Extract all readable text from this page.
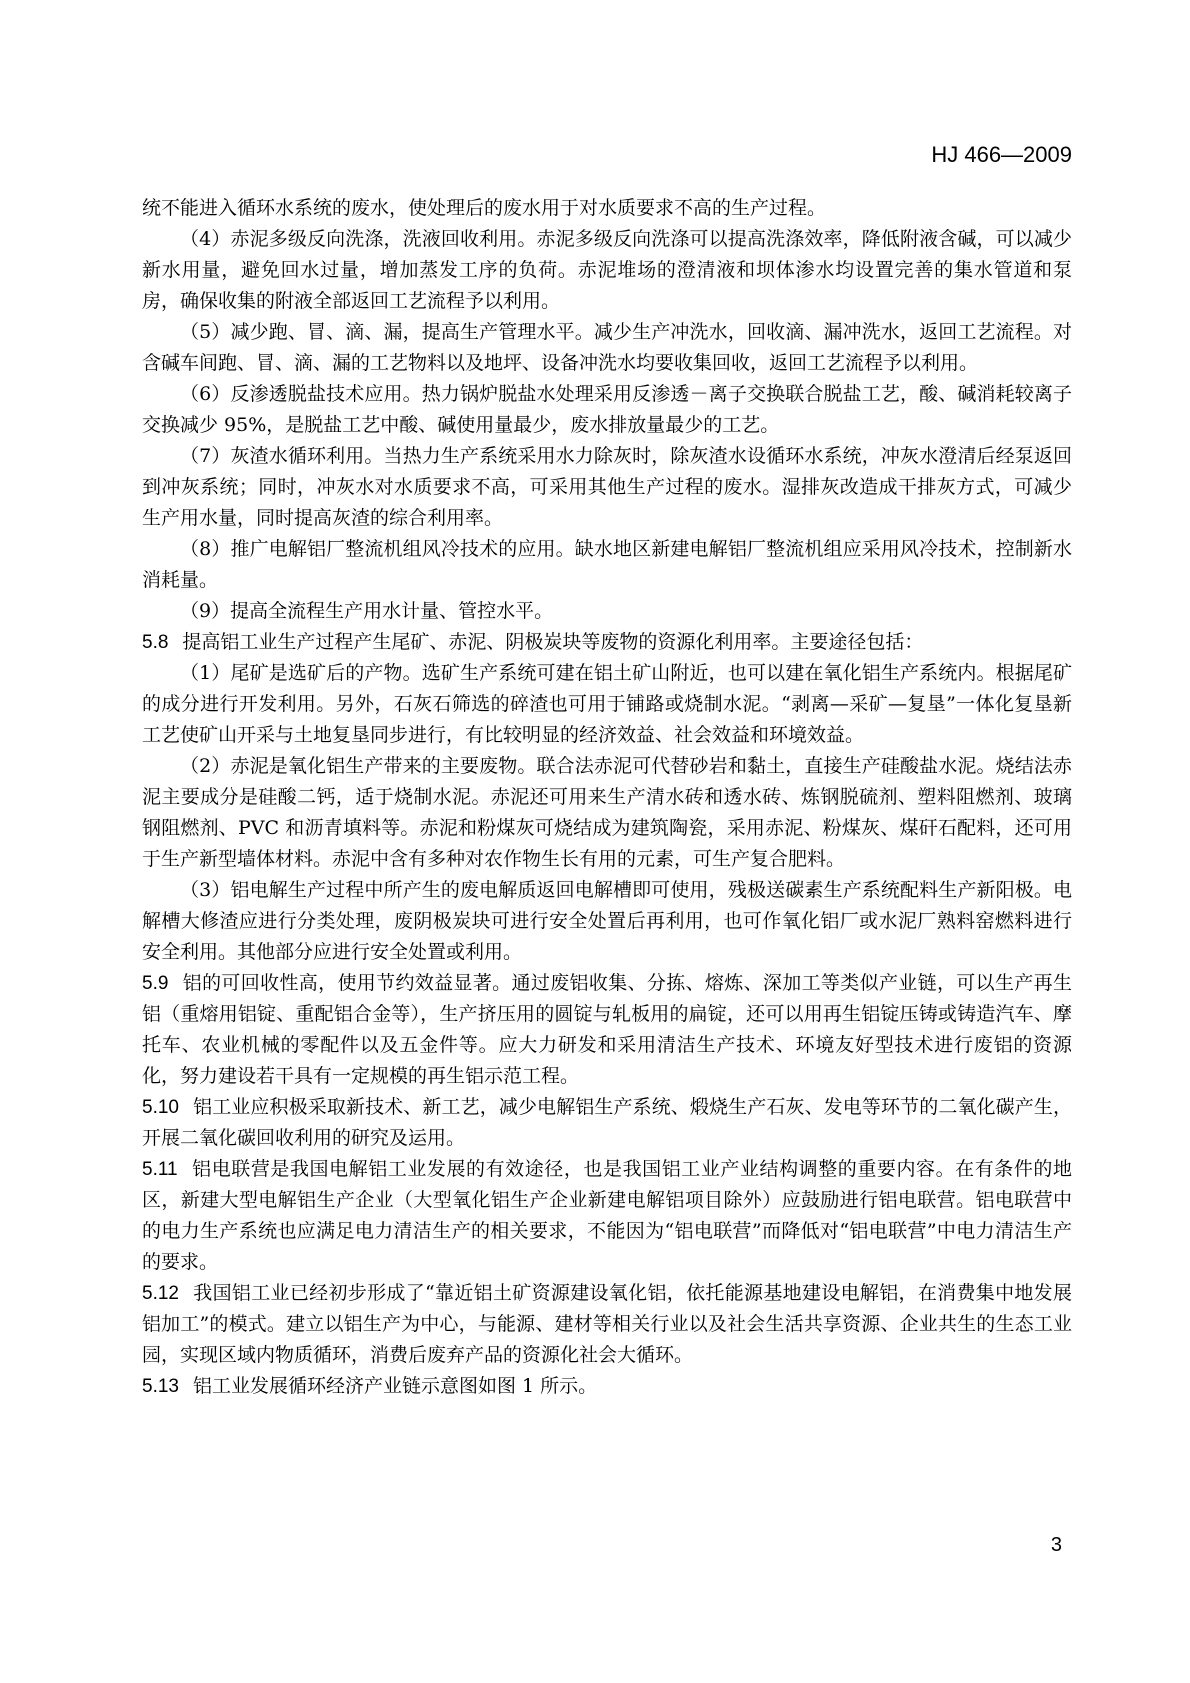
HJ 466—2009

统不能进入循环水系统的废水，使处理后的废水用于对水质要求不高的生产过程。

（4）赤泥多级反向洗涤，洗液回收利用。赤泥多级反向洗涤可以提高洗涤效率，降低附液含碱，可以减少新水用量，避免回水过量，增加蒸发工序的负荷。赤泥堆场的澄清液和坝体渗水均设置完善的集水管道和泵房，确保收集的附液全部返回工艺流程予以利用。

（5）减少跑、冒、滴、漏，提高生产管理水平。减少生产冲洗水，回收滴、漏冲洗水，返回工艺流程。对含碱车间跑、冒、滴、漏的工艺物料以及地坪、设备冲洗水均要收集回收，返回工艺流程予以利用。

（6）反渗透脱盐技术应用。热力锅炉脱盐水处理采用反渗透－离子交换联合脱盐工艺，酸、碱消耗较离子交换减少 95%，是脱盐工艺中酸、碱使用量最少，废水排放量最少的工艺。

（7）灰渣水循环利用。当热力生产系统采用水力除灰时，除灰渣水设循环水系统，冲灰水澄清后经泵返回到冲灰系统；同时，冲灰水对水质要求不高，可采用其他生产过程的废水。湿排灰改造成干排灰方式，可减少生产用水量，同时提高灰渣的综合利用率。

（8）推广电解铝厂整流机组风冷技术的应用。缺水地区新建电解铝厂整流机组应采用风冷技术，控制新水消耗量。

（9）提高全流程生产用水计量、管控水平。

5.8 提高铝工业生产过程产生尾矿、赤泥、阴极炭块等废物的资源化利用率。主要途径包括：

（1）尾矿是选矿后的产物。选矿生产系统可建在铝土矿山附近，也可以建在氧化铝生产系统内。根据尾矿的成分进行开发利用。另外，石灰石筛选的碎渣也可用于铺路或烧制水泥。“剥离—采矿—复垦”一体化复垦新工艺使矿山开采与土地复垦同步进行，有比较明显的经济效益、社会效益和环境效益。

（2）赤泥是氧化铝生产带来的主要废物。联合法赤泥可代替砂岩和黏土，直接生产硅酸盐水泥。烧结法赤泥主要成分是硅酸二钙，适于烧制水泥。赤泥还可用来生产清水砖和透水砖、炼钢脱硫剂、塑料阻燃剂、玻璃钢阻燃剂、PVC 和沥青填料等。赤泥和粉煤灰可烧结成为建筑陶瓷，采用赤泥、粉煤灰、煤矸石配料，还可用于生产新型墙体材料。赤泥中含有多种对农作物生长有用的元素，可生产复合肥料。

（3）铝电解生产过程中所产生的废电解质返回电解槽即可使用，残极送碳素生产系统配料生产新阳极。电解槽大修渣应进行分类处理，废阴极炭块可进行安全处置后再利用，也可作氧化铝厂或水泥厂熟料窑燃料进行安全利用。其他部分应进行安全处置或利用。

5.9 铝的可回收性高，使用节约效益显著。通过废铝收集、分拣、熔炼、深加工等类似产业链，可以生产再生铝（重熔用铝锭、重配铝合金等），生产挤压用的圆锭与轧板用的扁锭，还可以用再生铝锭压铸或铸造汽车、摩托车、农业机械的零配件以及五金件等。应大力研发和采用清洁生产技术、环境友好型技术进行废铝的资源化，努力建设若干具有一定规模的再生铝示范工程。

5.10 铝工业应积极采取新技术、新工艺，减少电解铝生产系统、煅烧生产石灰、发电等环节的二氧化碳产生，开展二氧化碳回收利用的研究及运用。

5.11 铝电联营是我国电解铝工业发展的有效途径，也是我国铝工业产业结构调整的重要内容。在有条件的地区，新建大型电解铝生产企业（大型氧化铝生产企业新建电解铝项目除外）应鼓励进行铝电联营。铝电联营中的电力生产系统也应满足电力清洁生产的相关要求，不能因为“铝电联营”而降低对“铝电联营”中电力清洁生产的要求。

5.12 我国铝工业已经初步形成了“靠近铝土矿资源建设氧化铝，依托能源基地建设电解铝，在消费集中地发展铝加工”的模式。建立以铝生产为中心，与能源、建材等相关行业以及社会生活共享资源、企业共生的生态工业园，实现区域内物质循环，消费后废弃产品的资源化社会大循环。

5.13 铝工业发展循环经济产业链示意图如图 1 所示。

3
